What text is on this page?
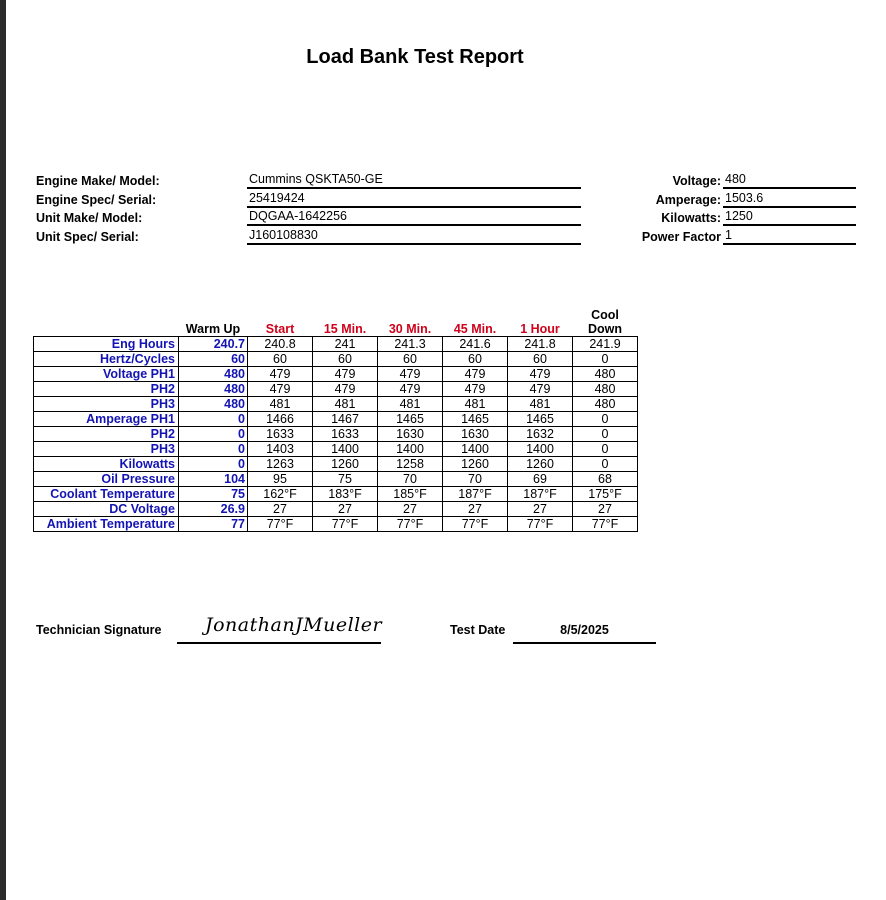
Load Bank Test Report
Engine Make/ Model:	Cummins QSKTA50-GE
Engine Spec/ Serial:	25419424
Unit Make/ Model:	DQGAA-1642256
Unit Spec/ Serial:	J160108830
Voltage: 480
Amperage: 1503.6
Kilowatts: 1250
Power Factor 1
	Warm Up	Start	15 Min.	30 Min.	45 Min.	1 Hour	Cool Down
Eng Hours	240.7	240.8	241	241.3	241.6	241.8	241.9
Hertz/Cycles	60	60	60	60	60	60	0
Voltage PH1	480	479	479	479	479	479	480
PH2	480	479	479	479	479	479	480
PH3	480	481	481	481	481	481	480
Amperage PH1	0	1466	1467	1465	1465	1465	0
PH2	0	1633	1633	1630	1630	1632	0
PH3	0	1403	1400	1400	1400	1400	0
Kilowatts	0	1263	1260	1258	1260	1260	0
Oil Pressure	104	95	75	70	70	69	68
Coolant Temperature	75	162°F	183°F	185°F	187°F	187°F	175°F
DC Voltage	26.9	27	27	27	27	27	27
Ambient Temperature	77	77°F	77°F	77°F	77°F	77°F	77°F
Technician Signature JonathanJMueller	Test Date	8/5/2025
